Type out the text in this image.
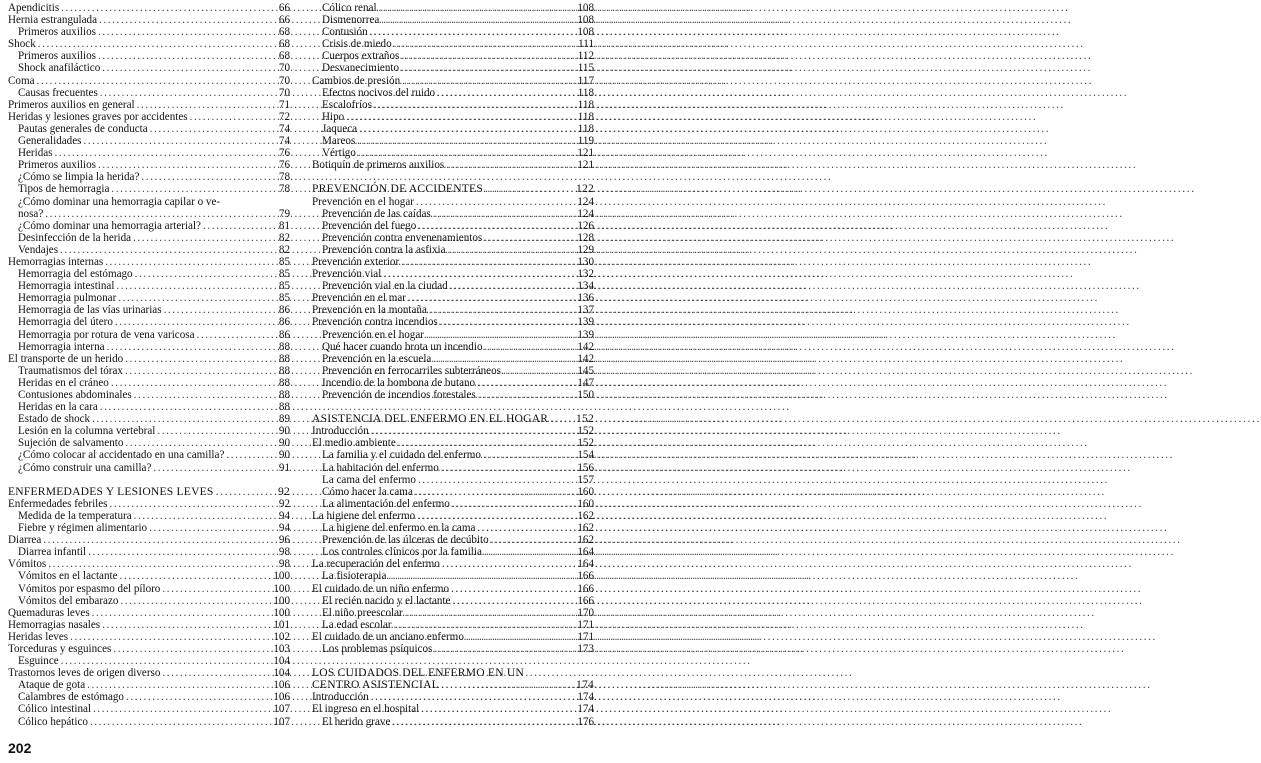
Apendicitis .....	66
Hernia estrangulada .....	66
Primeros auxilios .....	68
Shock .....	68
Primeros auxilios .....	68
Shock anafiláctico .....	70
Coma .....	70
Causas frecuentes .....	70
Primeros auxilios en general .....	71
Heridas y lesiones graves por accidentes .....	72
Pautas generales de conducta .....	74
Generalidades .....	74
Heridas .....	76
Primeros auxilios .....	76
¿Cómo se limpia la herida? .....	78
Tipos de hemorragia .....	78
¿Cómo dominar una hemorragia capilar o ve-
nosa? .....	79
¿Cómo dominar una hemorragia arterial? .....	81
Desinfección de la herida .....	82
Vendajes .....	82
Hemorragias internas .....	85
Hemorragia del estómago .....	85
Hemorragia intestinal .....	85
Hemorragia pulmonar .....	85
Hemorragia de las vías urinarias .....	86
Hemorragia del útero .....	86
Hemorragia por rotura de vena varicosa .....	86
Hemorragia interna .....	88
El transporte de un herido .....	88
Traumatismos del tórax .....	88
Heridas en el cráneo .....	88
Contusiones abdominales .....	88
Heridas en la cara .....	88
Estado de shock .....	89
Lesión en la columna vertebral .....	90
Sujeción de salvamento .....	90
¿Cómo colocar al accidentado en una camilla? .....	90
¿Cómo construir una camilla? .....	91
ENFERMEDADES Y LESIONES LEVES .....	92
Enfermedades febriles .....	92
Medida de la temperatura .....	94
Fiebre y régimen alimentario .....	94
Diarrea .....	96
Diarrea infantil .....	98
Vómitos .....	98
Vómitos en el lactante .....	100
Vómitos por espasmo del píloro .....	100
Vómitos del embarazo .....	100
Quemaduras leves .....	100
Hemorragias nasales .....	101
Heridas leves .....	102
Torceduras y esguinces .....	103
Esguince .....	104
Trastornos leves de origen diverso .....	104
Ataque de gota .....	106
Calambres de estómago .....	106
Cólico intestinal .....	107
Cólico hepático .....	107
Cólico renal .....	108
Dismenorrea .....	108
Contusión .....	108
Crisis de miedo .....	111
Cuerpos extraños .....	112
Desvanecimiento .....	115
Cambios de presión .....	117
Efectos nocivos del ruido .....	118
Escalofríos .....	118
Hipo .....	118
Jaqueca .....	118
Mareos .....	119
Vértigo .....	121
Botiquín de primeros auxilios .....	121
PREVENCIÓN DE ACCIDENTES .....	122
Prevención en el hogar .....	124
Prevención de las caídas .....	124
Prevención del fuego .....	126
Prevención contra envenenamientos .....	128
Prevención contra la asfixia .....	129
Prevención exterior .....	130
Prevención vial .....	132
Prevención vial en la ciudad .....	134
Prevención en el mar .....	136
Prevención en la montaña .....	137
Prevención contra incendios .....	139
Prevención en el hogar .....	139
Qué hacer cuando brota un incendio .....	142
Prevención en la escuela .....	142
Prevención en ferrocarriles subterráneos .....	145
Incendio de la bombona de butano .....	147
Prevención de incendios forestales .....	150
ASISTENCIA DEL ENFERMO EN EL HOGAR ..... 152
Introducción .....	152
El medio ambiente .....	152
La familia y el cuidado del enfermo .....	154
La habitación del enfermo .....	156
La cama del enfermo .....	157
Cómo hacer la cama .....	160
La alimentación del enfermo .....	160
La higiene del enfermo .....	162
La higiene del enfermo en la cama .....	162
Prevención de las úlceras de decúbito .....	162
Los controles clínicos por la familia .....	164
La recuperación del enfermo .....	164
La fisioterapia .....	166
El cuidado de un niño enfermo .....	166
El recién nacido y el lactante .....	166
El niño preescolar .....	170
La edad escolar .....	171
El cuidado de un anciano enfermo .....	171
Los problemas psíquicos .....	173
LOS CUIDADOS DEL ENFERMO EN UN
CENTRO ASISTENCIAL .....	174
Introducción .....	174
El ingreso en el hospital .....	174
El herido grave .....	176
202
